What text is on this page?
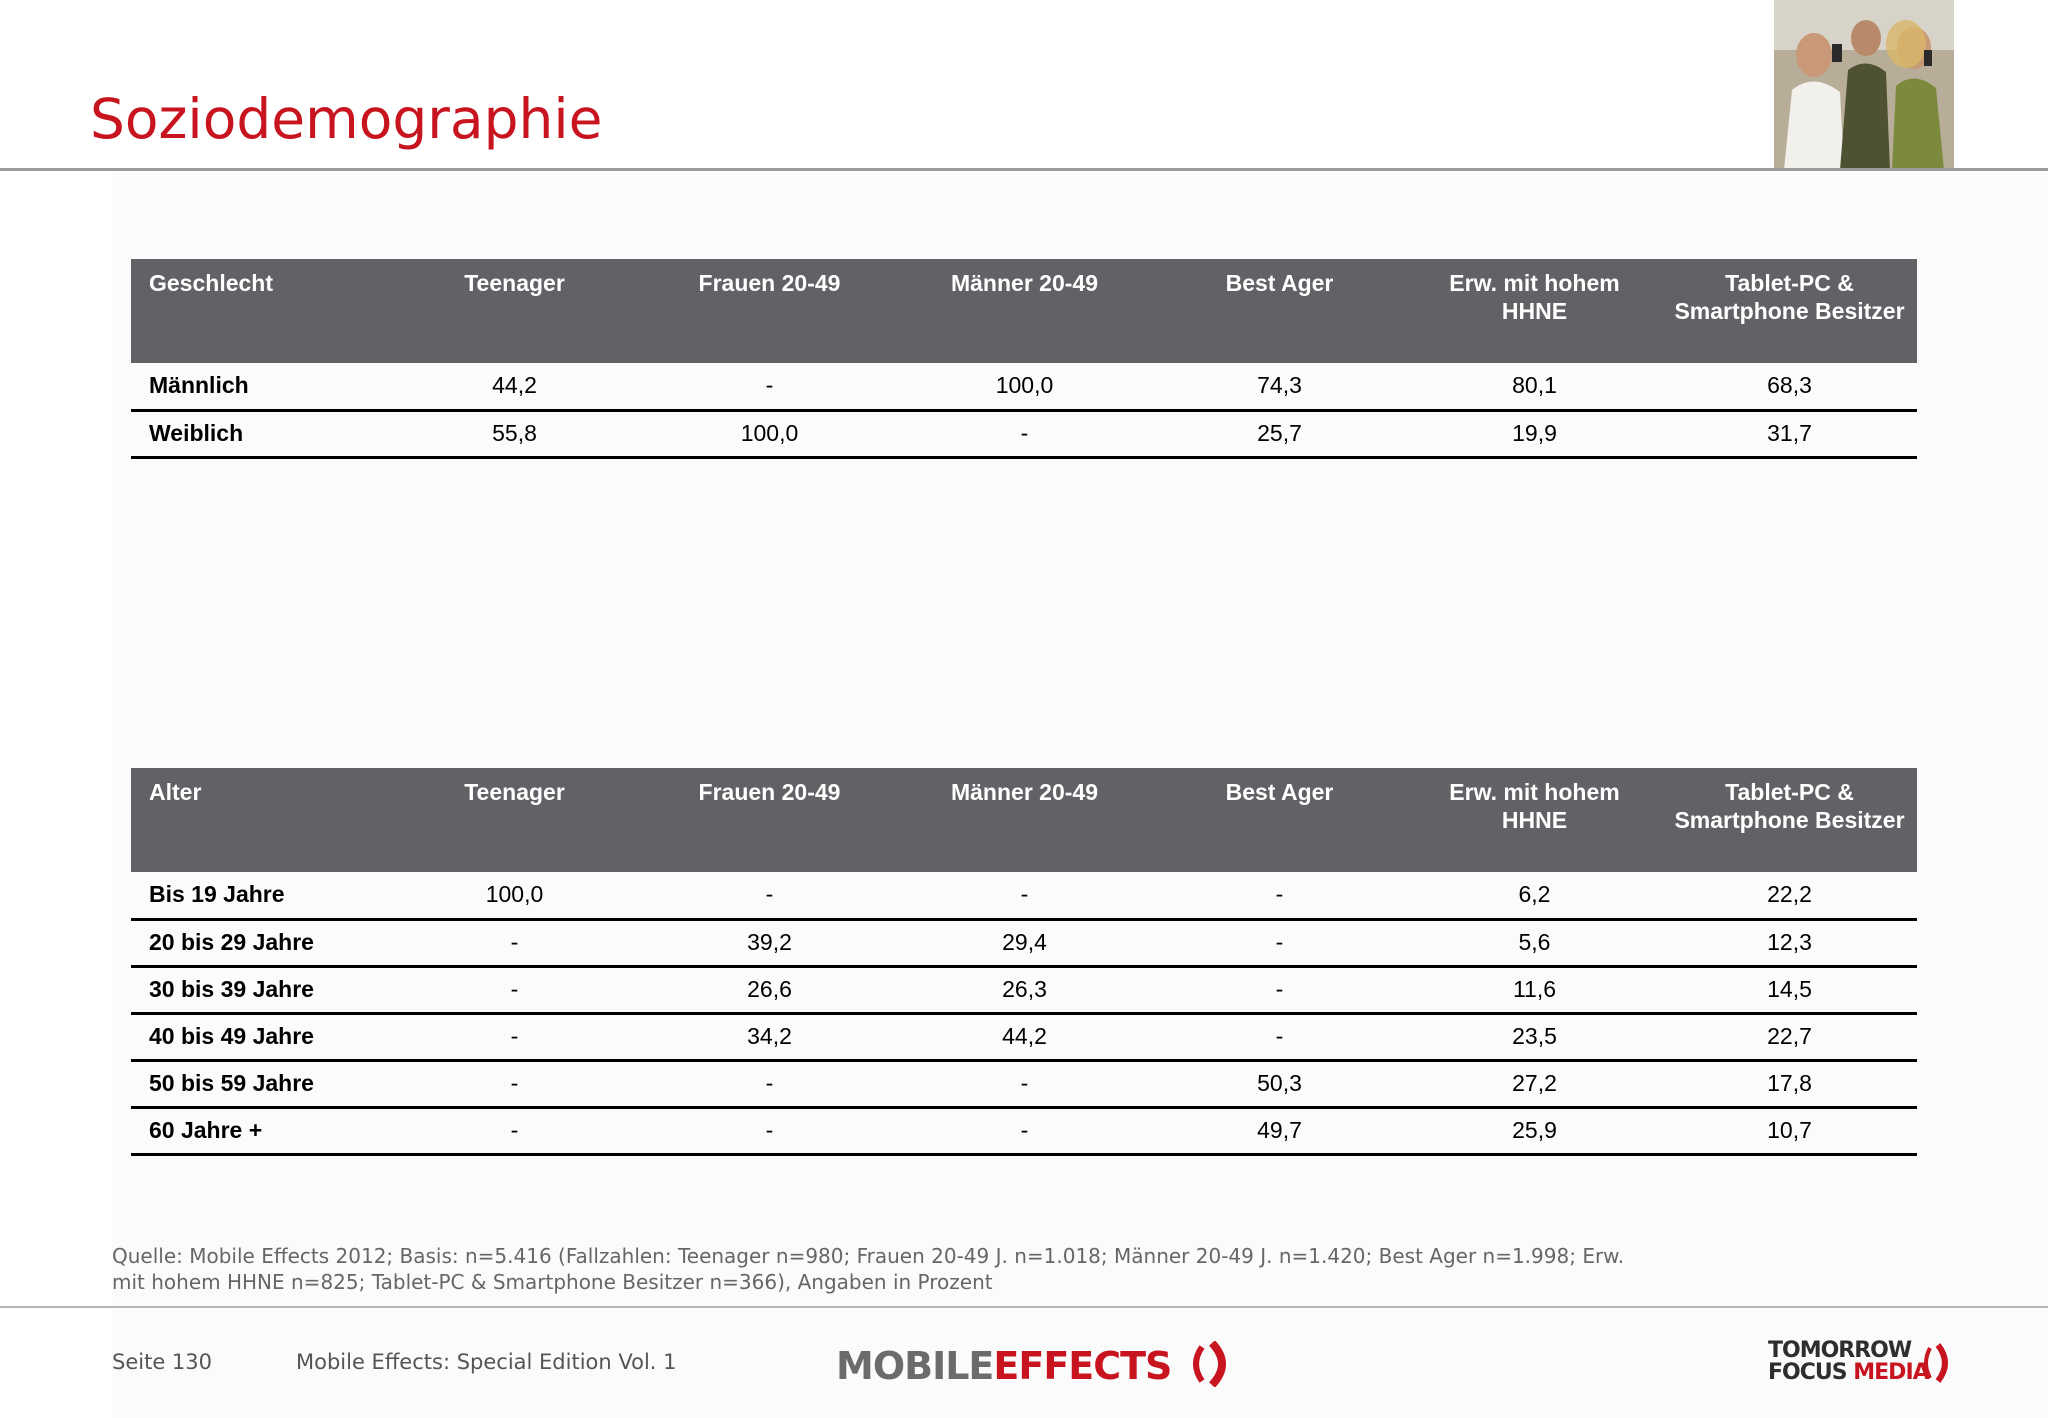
Soziodemographie
Geschlecht	Teenager	Frauen 20-49	Männer 20-49	Best Ager	Erw. mit hohem HHNE	Tablet-PC & Smartphone Besitzer
Männlich	44,2	-	100,0	74,3	80,1	68,3
Weiblich	55,8	100,0	-	25,7	19,9	31,7
Alter	Teenager	Frauen 20-49	Männer 20-49	Best Ager	Erw. mit hohem HHNE	Tablet-PC & Smartphone Besitzer
Bis 19 Jahre	100,0	-	-	-	6,2	22,2
20 bis 29 Jahre	-	39,2	29,4	-	5,6	12,3
30 bis 39 Jahre	-	26,6	26,3	-	11,6	14,5
40 bis 49 Jahre	-	34,2	44,2	-	23,5	22,7
50 bis 59 Jahre	-	-	-	50,3	27,2	17,8
60 Jahre +	-	-	-	49,7	25,9	10,7
Quelle: Mobile Effects 2012; Basis: n=5.416 (Fallzahlen: Teenager n=980; Frauen 20-49 J. n=1.018; Männer 20-49 J. n=1.420; Best Ager n=1.998; Erw.
mit hohem HHNE n=825; Tablet-PC & Smartphone Besitzer n=366), Angaben in Prozent
Seite 130	Mobile Effects: Special Edition Vol. 1	MOBILEEFFECTS	TOMORROW
FOCUS MEDIA
